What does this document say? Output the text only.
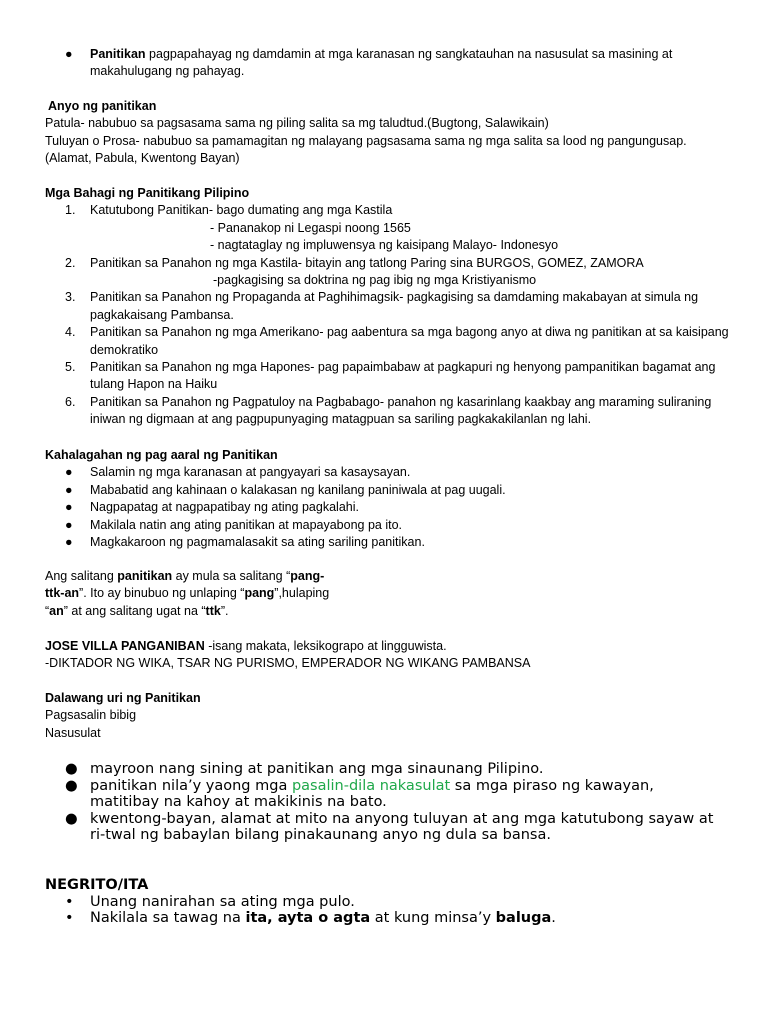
● Panitikan pagpapahayag ng damdamin at mga karanasan ng sangkatauhan na nasusulat sa masining at makahulugang ng pahayag.

Anyo ng panitikan

Patula- nabubuo sa pagsasama sama ng piling salita sa mg taludtud.(Bugtong, Salawikain)

Tuluyan o Prosa- nabubuo sa pamamagitan ng malayang pagsasama sama ng mga salita sa lood ng pangungusap.

(Alamat, Pabula, Kwentong Bayan)

Mga Bahagi ng Panitikang Pilipino

1. Katutubong Panitikan- bago dumating ang mga Kastila

- Pananakop ni Legaspi noong 1565

- nagtataglay ng impluwensya ng kaisipang Malayo- Indonesyo

2. Panitikan sa Panahon ng mga Kastila- bitayin ang tatlong Paring sina BURGOS, GOMEZ, ZAMORA

-pagkagising sa doktrina ng pag ibig ng mga Kristiyanismo

3. Panitikan sa Panahon ng Propaganda at Paghihimagsik- pagkagising sa damdaming makabayan at simula ng pagkakaisang Pambansa.
4. Panitikan sa Panahon ng mga Amerikano- pag aabentura sa mga bagong anyo at diwa ng panitikan at sa kaisipang demokratiko
5. Panitikan sa Panahon ng mga Hapones- pag papaimbabaw at pagkapuri ng henyong pampanitikan bagamat ang tulang Hapon na Haiku
6. Panitikan sa Panahon ng Pagpatuloy na Pagbabago- panahon ng kasarinlang kaakbay ang maraming suliraning iniwan ng digmaan at ang pagpupunyaging matagpuan sa sariling pagkakakilanlan ng lahi.

Kahalagahan ng pag aaral ng Panitikan

● Salamin ng mga karanasan at pangyayari sa kasaysayan.
● Mababatid ang kahinaan o kalakasan ng kanilang paniniwala at pag uugali.
● Nagpapatag at nagpapatibay ng ating pagkalahi.
● Makilala natin ang ating panitikan at mapayabong pa ito.
● Magkakaroon ng pagmamalasakit sa ating sariling panitikan.
Ang salitang panitikan ay mula sa salitang “pang-ttk-an”. Ito ay binubuo ng unlaping “pang”,hulaping “an” at ang salitang ugat na “ttk”.

JOSE VILLA PANGANIBAN -isang makata, leksikograpo at lingguwista.

-DIKTADOR NG WIKA, TSAR NG PURISMO, EMPERADOR NG WIKANG PAMBANSA

Dalawang uri ng Panitikan

Pagsasalin bibig

Nasusulat

● mayroon nang sining at panitikan ang mga sinaunang Pilipino.
● panitikan nila’y yaong mga pasalin-dila nakasulat sa mga piraso ng kawayan, matitibay na kahoy at makikinis na bato.
● kwentong-bayan, alamat at mito na anyong tuluyan at ang mga katutubong sayaw at ri-twal ng babaylan bilang pinakaunang anyo ng dula sa bansa.

NEGRITO/ITA

• Unang nanirahan sa ating mga pulo.
• Nakilala sa tawag na ita, ayta o agta at kung minsa’y baluga.
